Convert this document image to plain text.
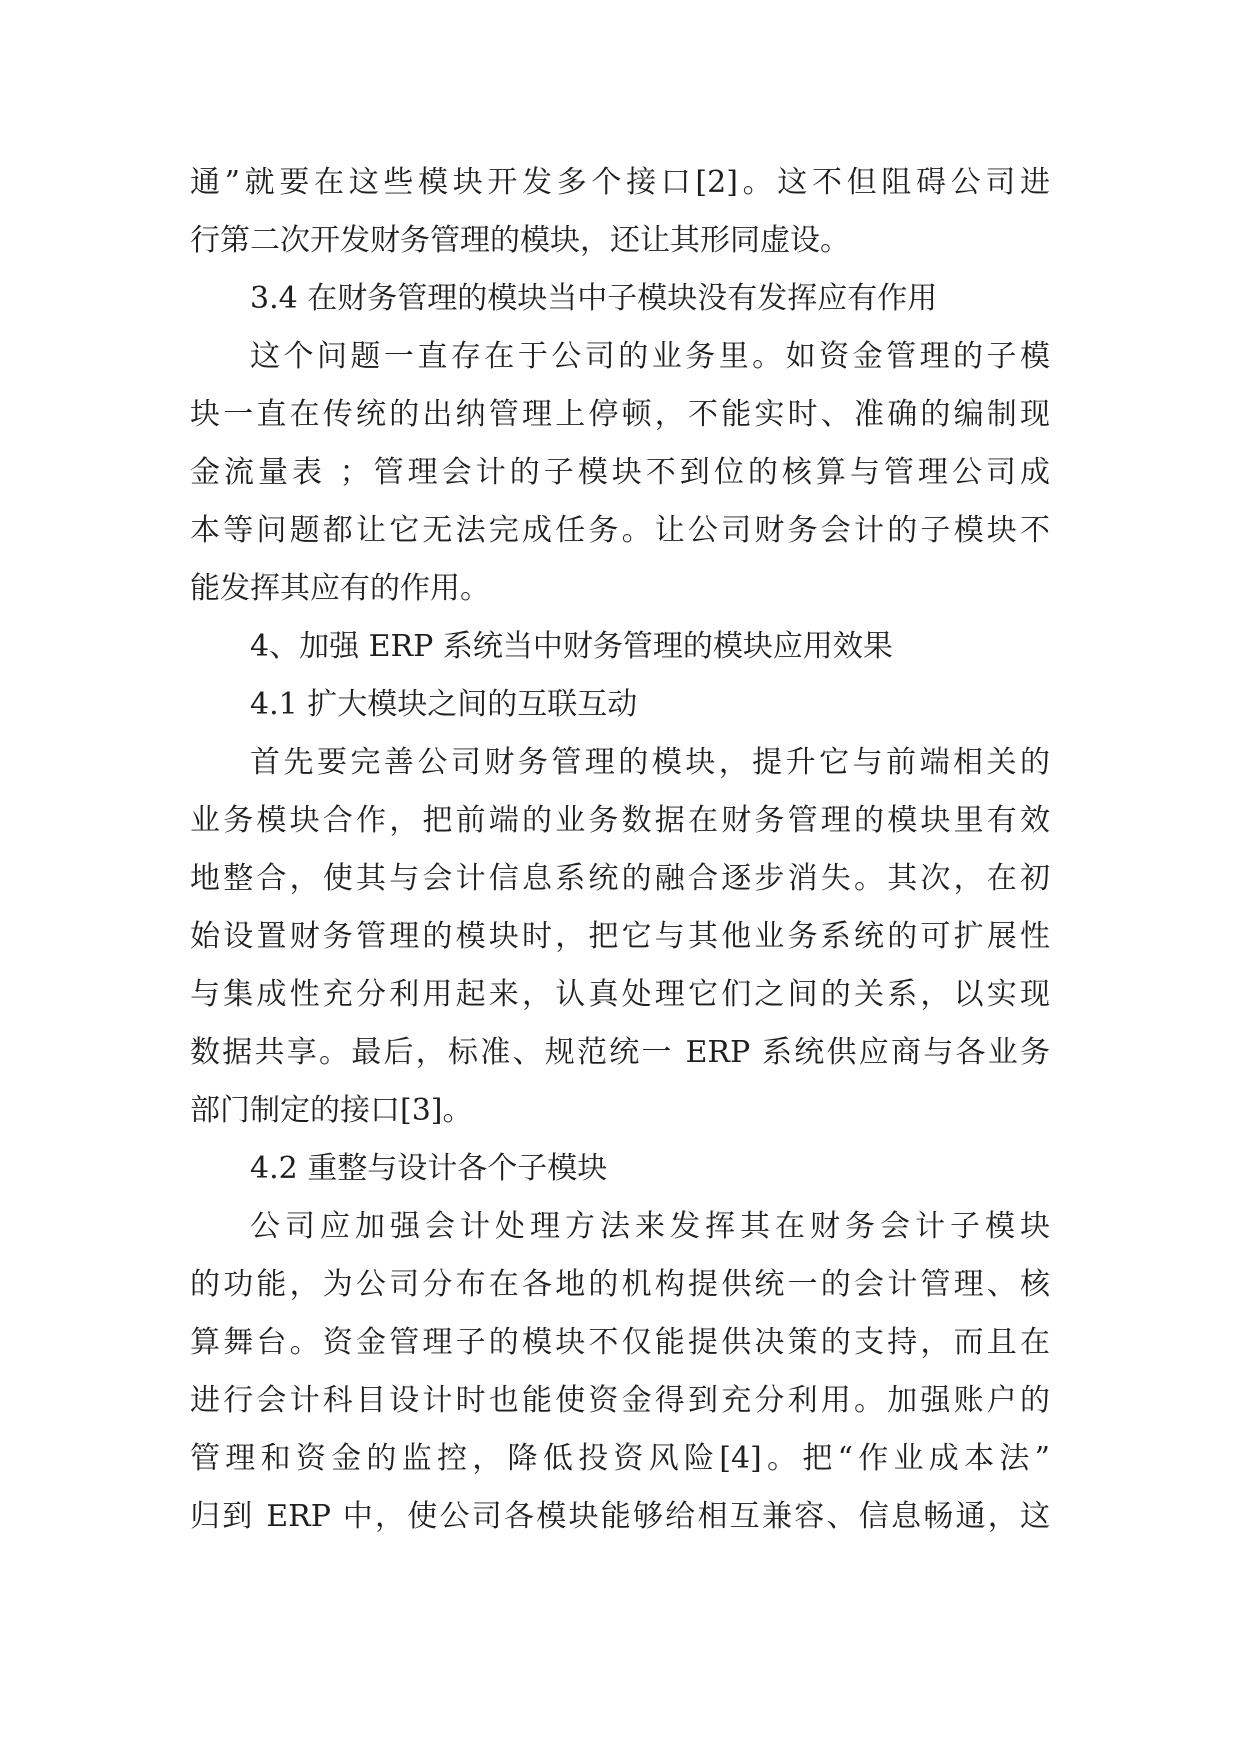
通”就要在这些模块开发多个接口[2]。这不但阻碍公司进
行第二次开发财务管理的模块，还让其形同虚设。
3.4 在财务管理的模块当中子模块没有发挥应有作用
这个问题一直存在于公司的业务里。如资金管理的子模
块一直在传统的出纳管理上停顿，不能实时、准确的编制现
金流量表 ；管理会计的子模块不到位的核算与管理公司成
本等问题都让它无法完成任务。让公司财务会计的子模块不
能发挥其应有的作用。
4、加强 ERP 系统当中财务管理的模块应用效果
4.1 扩大模块之间的互联互动
首先要完善公司财务管理的模块，提升它与前端相关的
业务模块合作，把前端的业务数据在财务管理的模块里有效
地整合，使其与会计信息系统的融合逐步消失。其次，在初
始设置财务管理的模块时，把它与其他业务系统的可扩展性
与集成性充分利用起来，认真处理它们之间的关系，以实现
数据共享。最后，标准、规范统一 ERP 系统供应商与各业务
部门制定的接口[3]。
4.2 重整与设计各个子模块
公司应加强会计处理方法来发挥其在财务会计子模块
的功能，为公司分布在各地的机构提供统一的会计管理、核
算舞台。资金管理子的模块不仅能提供决策的支持，而且在
进行会计科目设计时也能使资金得到充分利用。加强账户的
管理和资金的监控，降低投资风险[4]。把“作业成本法”
归到 ERP 中，使公司各模块能够给相互兼容、信息畅通，这
